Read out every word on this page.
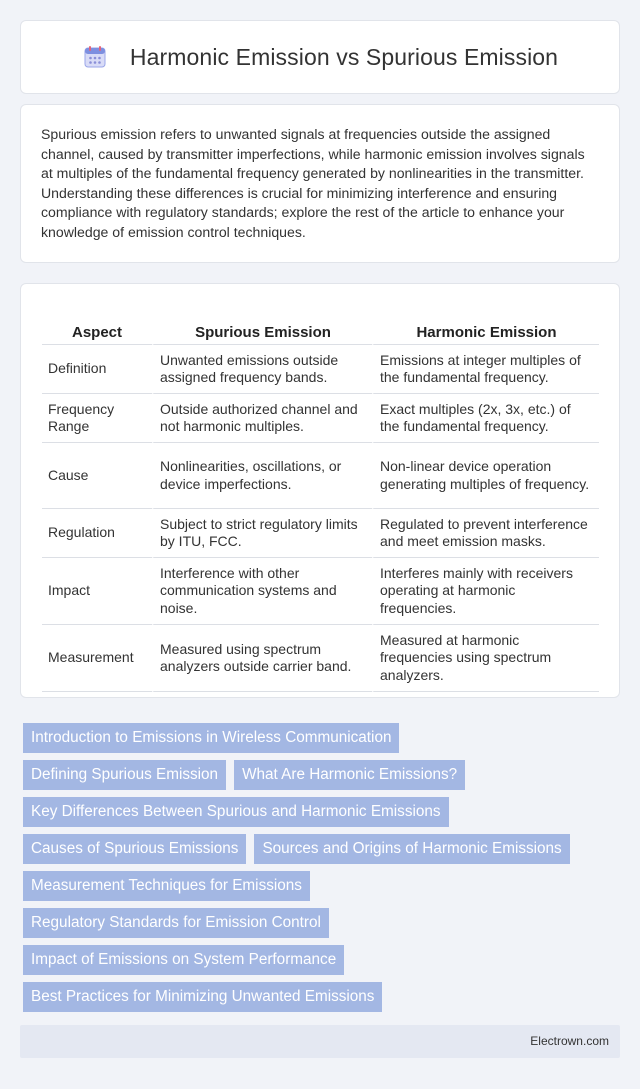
Harmonic Emission vs Spurious Emission

Spurious emission refers to unwanted signals at frequencies outside the assigned channel, caused by transmitter imperfections, while harmonic emission involves signals at multiples of the fundamental frequency generated by nonlinearities in the transmitter. Understanding these differences is crucial for minimizing interference and ensuring compliance with regulatory standards; explore the rest of the article to enhance your knowledge of emission control techniques.

Aspect	Spurious Emission	Harmonic Emission
Definition	Unwanted emissions outside assigned frequency bands.	Emissions at integer multiples of the fundamental frequency.
Frequency Range	Outside authorized channel and not harmonic multiples.	Exact multiples (2x, 3x, etc.) of the fundamental frequency.
Cause	Nonlinearities, oscillations, or device imperfections.	Non-linear device operation generating multiples of frequency.
Regulation	Subject to strict regulatory limits by ITU, FCC.	Regulated to prevent interference and meet emission masks.
Impact	Interference with other communication systems and noise.	Interferes mainly with receivers operating at harmonic frequencies.
Measurement	Measured using spectrum analyzers outside carrier band.	Measured at harmonic frequencies using spectrum analyzers.
Introduction to Emissions in Wireless Communication
Defining Spurious Emission	What Are Harmonic Emissions?
Key Differences Between Spurious and Harmonic Emissions
Causes of Spurious Emissions	Sources and Origins of Harmonic Emissions
Measurement Techniques for Emissions
Regulatory Standards for Emission Control
Impact of Emissions on System Performance
Best Practices for Minimizing Unwanted Emissions
Electrown.com
